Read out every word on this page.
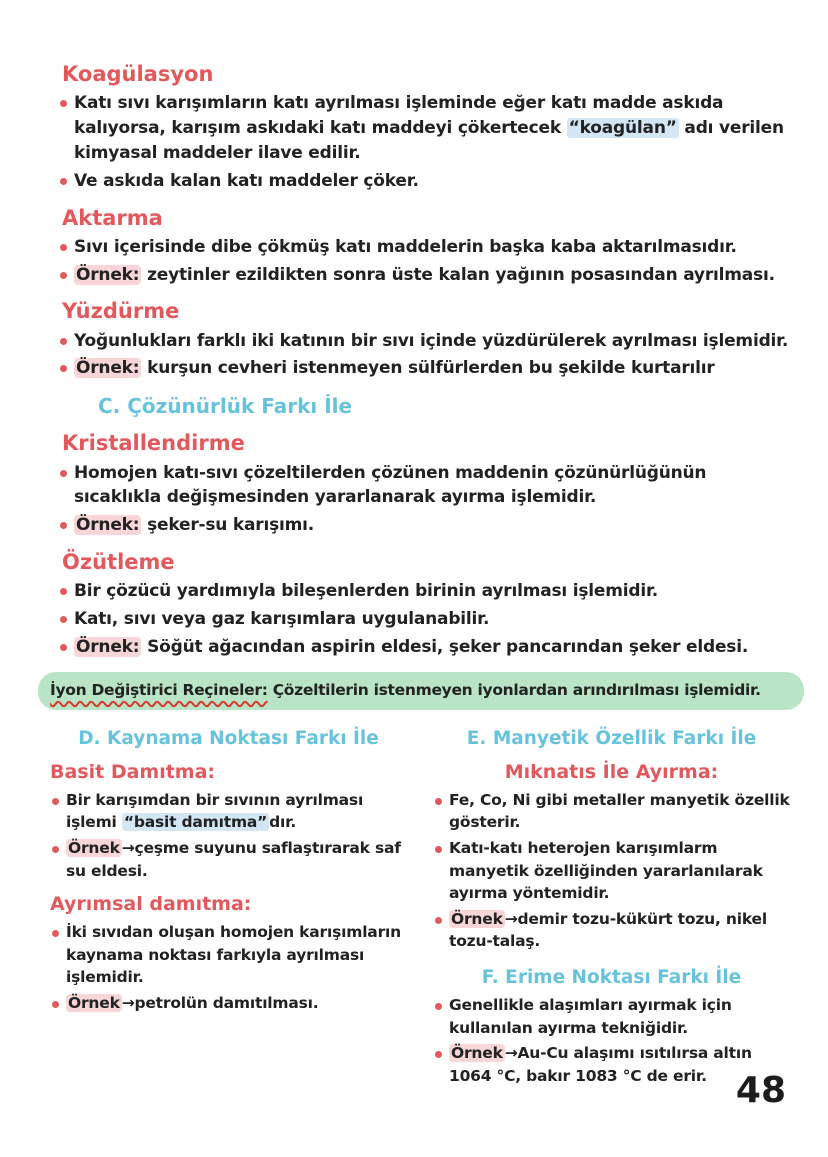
Koagülasyon
Katı sıvı karışımların katı ayrılması işleminde eğer katı madde askıda kalıyorsa, karışım askıdaki katı maddeyi çökertecek “koagülan” adı verilen kimyasal maddeler ilave edilir.
Ve askıda kalan katı maddeler çöker.
Aktarma
Sıvı içerisinde dibe çökmüş katı maddelerin başka kaba aktarılmasıdır.
Örnek: zeytinler ezildikten sonra üste kalan yağının posasından ayrılması.
Yüzdürme
Yoğunlukları farklı iki katının bir sıvı içinde yüzdürülerek ayrılması işlemidir.
Örnek: kurşun cevheri istenmeyen sülfürlerden bu şekilde kurtarılır
C. Çözünürlük Farkı İle
Kristallendirme
Homojen katı-sıvı çözeltilerden çözünen maddenin çözünürlüğünün sıcaklıkla değişmesinden yararlanarak ayırma işlemidir.
Örnek: şeker-su karışımı.
Özütleme
Bir çözücü yardımıyla bileşenlerden birinin ayrılması işlemidir.
Katı, sıvı veya gaz karışımlara uygulanabilir.
Örnek: Söğüt ağacından aspirin eldesi, şeker pancarından şeker eldesi.
İyon Değiştirici Reçineler: Çözeltilerin istenmeyen iyonlardan arındırılması işlemidir.
D. Kaynama Noktası Farkı İle
Basit Damıtma:
Bir karışımdan bir sıvının ayrılması işlemi “basit damıtma” dır.
Örnek →çeşme suyunu saflaştırarak saf su eldesi.
Ayrımsal damıtma:
İki sıvıdan oluşan homojen karışımların kaynama noktası farkıyla ayrılması işlemidir.
Örnek →petrolün damıtılması.
E. Manyetik Özellik Farkı İle
Mıknatıs İle Ayırma:
Fe, Co, Ni gibi metaller manyetik özellik gösterir.
Katı-katı heterojen karışımlarm manyetik özelliğinden yararlanılarak ayırma yöntemidir.
Örnek →demir tozu-kükürt tozu, nikel tozu-talaş.
F. Erime Noktası Farkı İle
Genellikle alaşımları ayırmak için kullanılan ayırma tekniğidir.
Örnek →Au-Cu alaşımı ısıtılırsa altın 1064 °C, bakır 1083 °C de erir. 48
